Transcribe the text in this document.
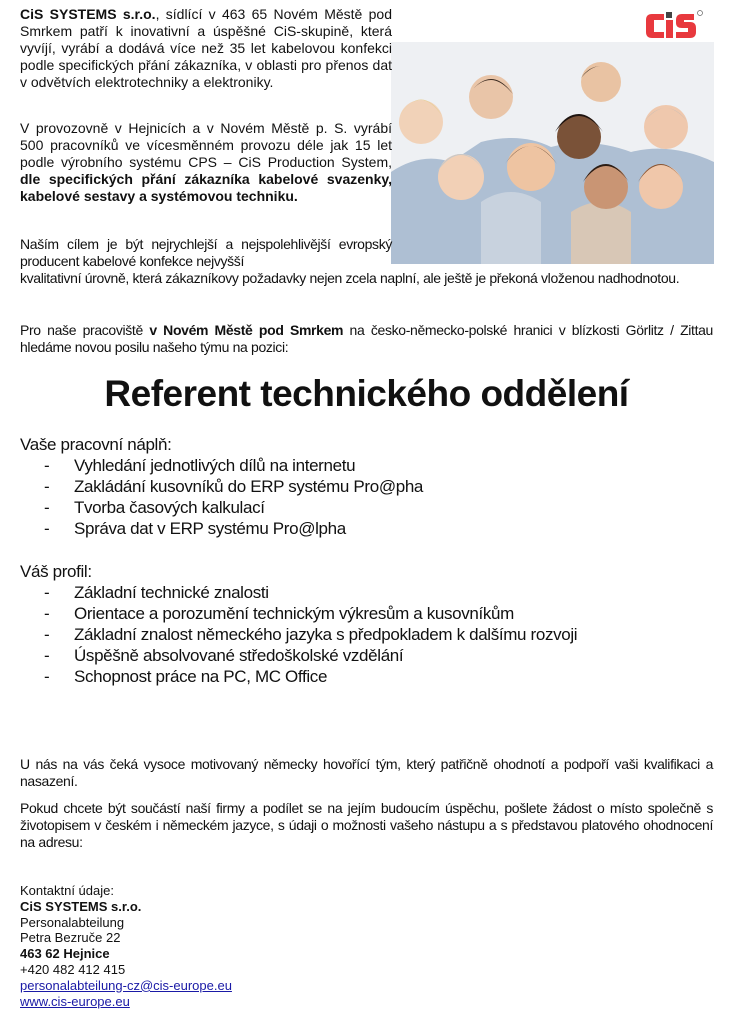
CiS SYSTEMS s.r.o., sídlící v 463 65 Novém Městě pod Smrkem patří k inovativní a úspěšné CiS-skupině, která vyvíjí, vyrábí a dodává více než 35 let kabelovou konfekci podle specifických přání zákazníka, v oblasti pro přenos dat v odvětvích elektrotechniky a elektroniky.
V provozovně v Hejnicích a v Novém Městě p. S. vyrábí 500 pracovníků ve vícesměnném provozu déle jak 15 let podle výrobního systému CPS – CiS Production System, dle specifických přání zákazníka kabelové svazenky, kabelové sestavy a systémovou techniku.
Naším cílem je být nejrychlejší a nejspolehlivější evropský producent kabelové konfekce nejvyšší
kvalitativní úrovně, která zákazníkovy požadavky nejen zcela naplní, ale ještě je překoná vloženou nadhodnotou.
Pro naše pracoviště v Novém Městě pod Smrkem na česko-německo-polské hranici v blízkosti Görlitz / Zittau hledáme novou posilu našeho týmu na pozici:
Referent technického oddělení
Vaše pracovní náplň:
- Vyhledání jednotlivých dílů na internetu
- Zakládání kusovníků do ERP systému Pro@pha
- Tvorba časových kalkulací
- Správa dat v ERP systému Pro@lpha
Váš profil:
- Základní technické znalosti
- Orientace a porozumění technickým výkresům a kusovníkům
- Základní znalost německého jazyka s předpokladem k dalšímu rozvoji
- Úspěšně absolvované středoškolské vzdělání
- Schopnost práce na PC, MC Office
U nás na vás čeká vysoce motivovaný německy hovořící tým, který patřičně ohodnotí a podpoří vaši kvalifikaci a nasazení.
Pokud chcete být součástí naší firmy a podílet se na jejím budoucím úspěchu, pošlete žádost o místo společně s životopisem v českém i německém jazyce, s údaji o možnosti vašeho nástupu a s představou platového ohodnocení na adresu:
Kontaktní údaje:
CiS SYSTEMS s.r.o.
Personalabteilung
Petra Bezruče 22
463 62 Hejnice
+420 482 412 415
personalabteilung-cz@cis-europe.eu
www.cis-europe.eu
